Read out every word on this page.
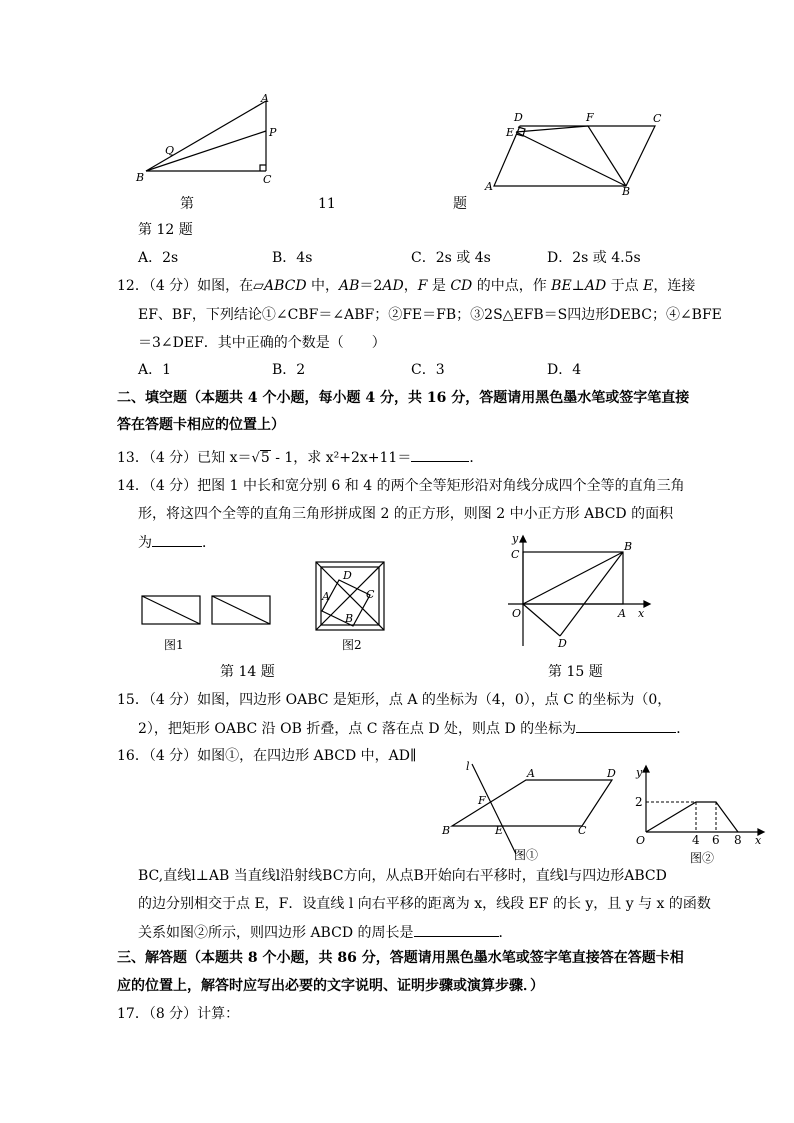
A
P
Q
B	C
D	F	C
E
A	B
第	11	题
第 12 题
A．2s	B．4s	C．2s 或 4s	D．2s 或 4.5s
12．（4 分）如图，在▱ABCD 中，AB＝2AD，F 是 CD 的中点，作 BE⊥AD 于点 E，连接
EF、BF，下列结论①∠CBF＝∠ABF；②FE＝FB；③2S△EFB＝S四边形DEBC；④∠BFE
＝3∠DEF．其中正确的个数是（　　）
A．1	B．2	C．3	D．4
二、填空题（本题共 4 个小题，每小题 4 分，共 16 分，答题请用黑色墨水笔或签字笔直接
答在答题卡相应的位置上）
13．（4 分）已知 x＝√5 - 1，求 x²+2x+11＝	．
14．（4 分）把图 1 中长和宽分别 6 和 4 的两个全等矩形沿对角线分成四个全等的直角三角
形，将这四个全等的直角三角形拼成图 2 的正方形，则图 2 中小正方形 ABCD 的面积
为	．
图1	图2
D
A	C
B
y
C
B
O	A x
D
第 14 题	第 15 题
15．（4 分）如图，四边形 OABC 是矩形，点 A 的坐标为（4，0），点 C 的坐标为（0，
2），把矩形 OABC 沿 OB 折叠，点 C 落在点 D 处，则点 D 的坐标为	．
16．（4 分）如图①，在四边形 ABCD 中，AD∥
l
A	D
F
B	E	C
图①
y
2
O	4 6 8 x
图②
BC,直线l⊥AB 当直线l沿射线BC方向，从点B开始向右平移时，直线l与四边形ABCD
的边分别相交于点 E，F．设直线 l 向右平移的距离为 x，线段 EF 的长 y，且 y 与 x 的函数
关系如图②所示，则四边形 ABCD 的周长是	．
三、解答题（本题共 8 个小题，共 86 分，答题请用黑色墨水笔或签字笔直接答在答题卡相
应的位置上，解答时应写出必要的文字说明、证明步骤或演算步骤．）
17．（8 分）计算：
